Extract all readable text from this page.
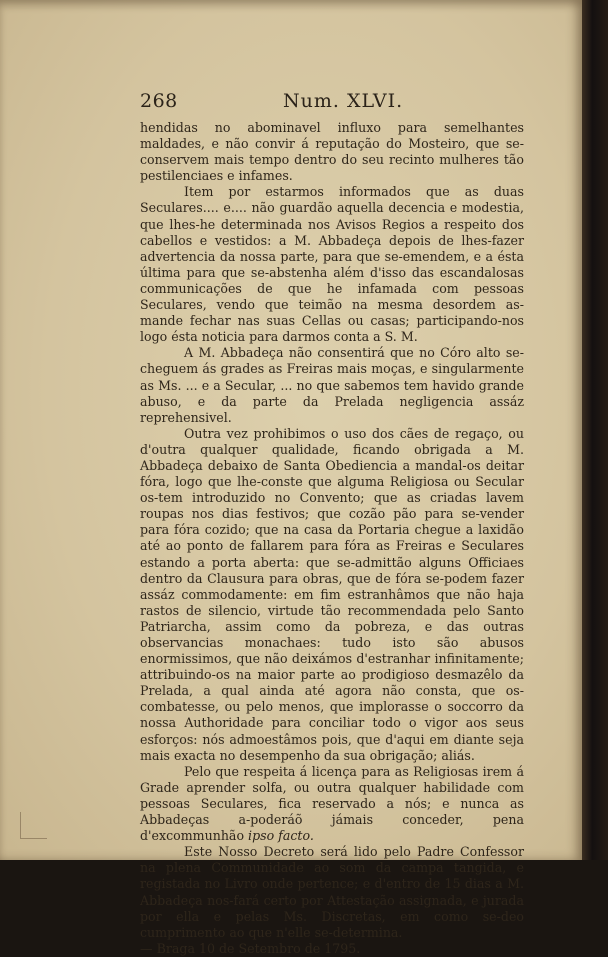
268	Num. XLVI.

hendidas no abominavel influxo para semelhantes maldades, e não convir á reputação do Mosteiro, que se-conservem mais tempo dentro do seu recinto mulheres tão pestilenciaes e infames.

Item por estarmos informados que as duas Seculares.... e.... não guardão aquella decencia e modestia, que lhes-he determinada nos Avisos Regios a respeito dos cabellos e vestidos: a M. Abbadeça depois de lhes-fazer advertencia da nossa parte, para que se-emendem, e a ésta última para que se-abstenha além d'isso das escandalosas communicações de que he infamada com pessoas Seculares, vendo que teimão na mesma desordem as-mande fechar nas suas Cellas ou casas; participando-nos logo ésta noticia para darmos conta a S. M.

A M. Abbadeça não consentirá que no Córo alto se-cheguem ás grades as Freiras mais moças, e singularmente as Ms. ... e a Secular, ... no que sabemos tem havido grande abuso, e da parte da Prelada negligencia assáz reprehensivel.

Outra vez prohibimos o uso dos cães de regaço, ou d'outra qualquer qualidade, ficando obrigada a M. Abbadeça debaixo de Santa Obediencia a mandal-os deitar fóra, logo que lhe-conste que alguma Religiosa ou Secular os-tem introduzido no Convento; que as criadas lavem roupas nos dias festivos; que cozão pão para se-vender para fóra cozido; que na casa da Portaria chegue a laxidão até ao ponto de fallarem para fóra as Freiras e Seculares estando a porta aberta: que se-admittão alguns Officiaes dentro da Clausura para obras, que de fóra se-podem fazer assáz commodamente: em fim estranhâmos que não haja rastos de silencio, virtude tão recommendada pelo Santo Patriarcha, assim como da pobreza, e das outras observancias monachaes: tudo isto são abusos enormissimos, que não deixámos d'estranhar infinitamente; attribuindo-os na maior parte ao prodigioso desmazêlo da Prelada, a qual ainda até agora não consta, que os-combatesse, ou pelo menos, que implorasse o soccorro da nossa Authoridade para conciliar todo o vigor aos seus esforços: nós admoestâmos pois, que d'aqui em diante seja mais exacta no desempenho da sua obrigação; aliás.

Pelo que respeita á licença para as Religiosas irem á Grade aprender solfa, ou outra qualquer habilidade com pessoas Seculares, fica reservado a nós; e nunca as Abbadeças a-poderáõ jámais conceder, pena d'excommunhão ipso facto.

Este Nosso Decreto será lido pelo Padre Confessor na plena Communidade ao som da campa tangida, e registada no Livro onde pertence; e d'entro de 15 dias a M. Abbadeça nos-fará certo por Attestação assignada, e jurada por ella e pelas Ms. Discretas, em como se-deo cumprimento ao que n'elle se-determina.

— Braga 10 de Setembro de 1795.
